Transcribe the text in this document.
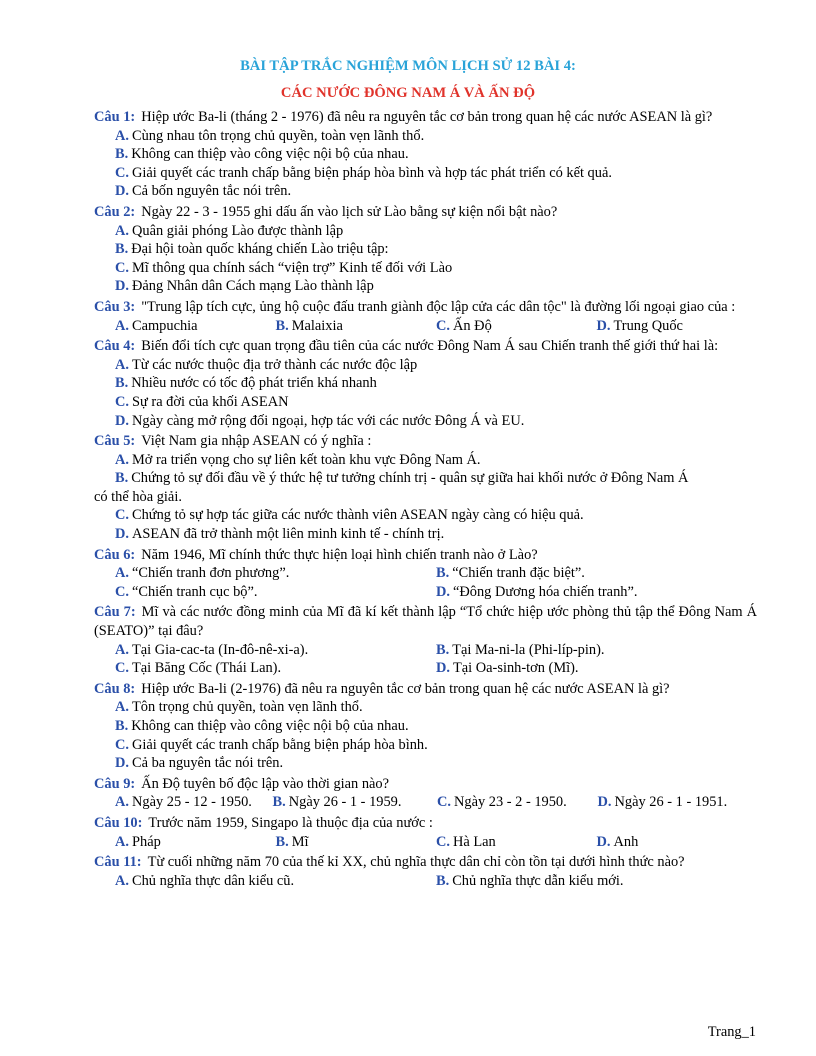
BÀI TẬP TRẮC NGHIỆM MÔN LỊCH SỬ 12 BÀI 4:
CÁC NƯỚC ĐÔNG NAM Á VÀ ẤN ĐỘ
Câu 1: Hiệp ước Ba-li (tháng 2 - 1976) đã nêu ra nguyên tắc cơ bản trong quan hệ các nước ASEAN là gì?
A. Cùng nhau tôn trọng chủ quyền, toàn vẹn lãnh thổ.
B. Không can thiệp vào công việc nội bộ của nhau.
C. Giải quyết các tranh chấp bằng biện pháp hòa bình và hợp tác phát triển có kết quả.
D. Cả bốn nguyên tắc nói trên.
Câu 2: Ngày 22 - 3 - 1955 ghi dấu ấn vào lịch sử Lào bằng sự kiện nổi bật nào?
A. Quân giải phóng Lào được thành lập
B. Đại hội toàn quốc kháng chiến Lào triệu tập:
C. Mĩ thông qua chính sách “viện trợ” Kinh tế đối với Lào
D. Đảng Nhân dân Cách mạng Lào thành lập
Câu 3: "Trung lập tích cực, ủng hộ cuộc đấu tranh giành độc lập cửa các dân tộc" là đường lối ngoại giao của :
A. Campuchia	B. Malaixia	C. Ấn Độ	D. Trung Quốc
Câu 4: Biến đổi tích cực quan trọng đầu tiên của các nước Đông Nam Á sau Chiến tranh thế giới thứ hai là:
A. Từ các nước thuộc địa trở thành các nước độc lập
B. Nhiều nước có tốc độ phát triển khá nhanh
C. Sự ra đời của khối ASEAN
D. Ngày càng mở rộng đối ngoại, hợp tác với các nước Đông Á và EU.
Câu 5: Việt Nam gia nhập ASEAN có ý nghĩa :
A. Mở ra triển vọng cho sự liên kết toàn khu vực Đông Nam Á.
B. Chứng tỏ sự đối đầu về ý thức hệ tư tưởng chính trị - quân sự giữa hai khối nước ở Đông Nam Á
có thể hòa giải.
C. Chứng tỏ sự hợp tác giữa các nước thành viên ASEAN ngày càng có hiệu quả.
D. ASEAN đã trở thành một liên minh kinh tế - chính trị.
Câu 6: Năm 1946, Mĩ chính thức thực hiện loại hình chiến tranh nào ở Lào?
A. “Chiến tranh đơn phương”.	B. “Chiến tranh đặc biệt”.
C. “Chiến tranh cục bộ”.	D. “Đông Dương hóa chiến tranh”.
Câu 7: Mĩ và các nước đồng minh của Mĩ đã kí kết thành lập “Tổ chức hiệp ước phòng thủ tập thể Đông Nam Á (SEATO)” tại đâu?
A. Tại Gia-cac-ta (In-đô-nê-xi-a).	B. Tại Ma-ni-la (Phi-líp-pin).
C. Tại Băng Cốc (Thái Lan).	D. Tại Oa-sinh-tơn (Mĩ).
Câu 8: Hiệp ước Ba-li (2-1976) đã nêu ra nguyên tắc cơ bản trong quan hệ các nước ASEAN là gì?
A. Tôn trọng chủ quyền, toàn vẹn lãnh thổ.
B. Không can thiệp vào công việc nội bộ của nhau.
C. Giải quyết các tranh chấp bằng biện pháp hòa bình.
D. Cả ba nguyên tắc nói trên.
Câu 9: Ấn Độ tuyên bố độc lập vào thời gian nào?
A. Ngày 25 - 12 - 1950.	B. Ngày 26 - 1 - 1959.	C. Ngày 23 - 2 - 1950.	D. Ngày 26 - 1 - 1951.
Câu 10: Trước năm 1959, Singapo là thuộc địa của nước :
A. Pháp	B. Mĩ	C. Hà Lan	D. Anh
Câu 11: Từ cuối những năm 70 của thế kỉ XX, chủ nghĩa thực dân chỉ còn tồn tại dưới hình thức nào?
A. Chủ nghĩa thực dân kiểu cũ.	B. Chủ nghĩa thực dẫn kiểu mới.
Trang_1
